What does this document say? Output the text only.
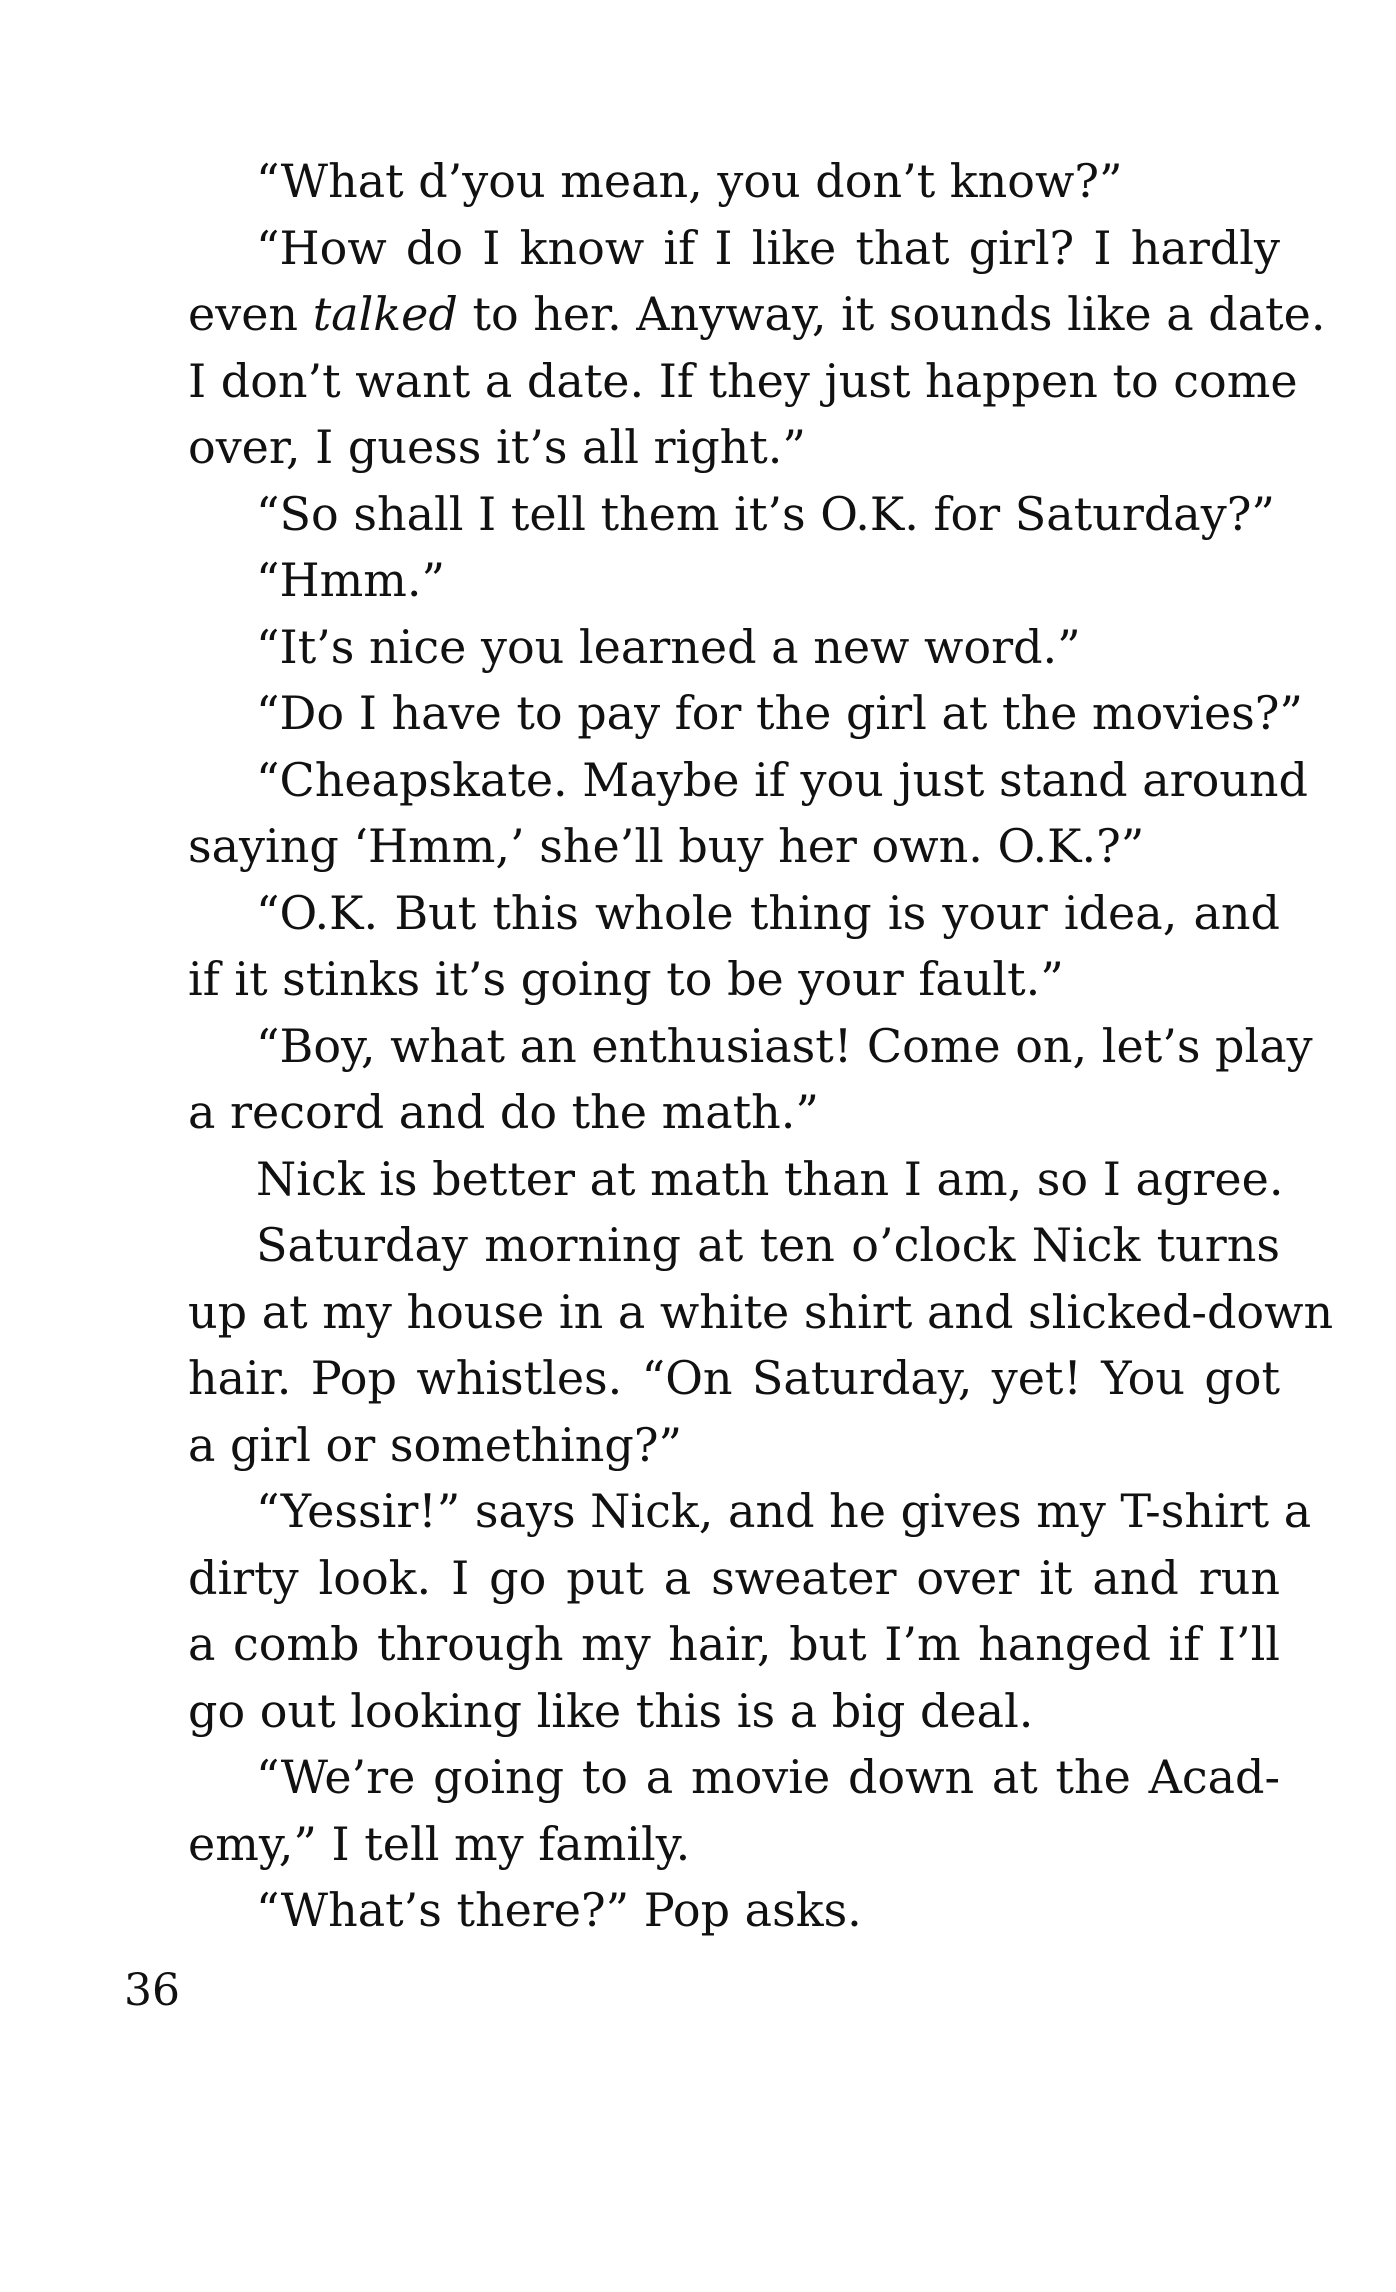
“What d’you mean, you don’t know?”

“How do I know if I like that girl? I hardly
even talked to her. Anyway, it sounds like a date.
I don’t want a date. If they just happen to come
over, I guess it’s all right.”

“So shall I tell them it’s O.K. for Saturday?”

“Hmm.”

“It’s nice you learned a new word.”

“Do I have to pay for the girl at the movies?”

“Cheapskate. Maybe if you just stand around
saying ‘Hmm,’ she’ll buy her own. O.K.?”

“O.K. But this whole thing is your idea, and
if it stinks it’s going to be your fault.”

“Boy, what an enthusiast! Come on, let’s play
a record and do the math.”

Nick is better at math than I am, so I agree.

Saturday morning at ten o’clock Nick turns
up at my house in a white shirt and slicked-down
hair. Pop whistles. “On Saturday, yet! You got
a girl or something?”

“Yessir!” says Nick, and he gives my T-shirt a
dirty look. I go put a sweater over it and run
a comb through my hair, but I’m hanged if I’ll
go out looking like this is a big deal.

“We’re going to a movie down at the Acad-
emy,” I tell my family.

“What’s there?” Pop asks.

36
